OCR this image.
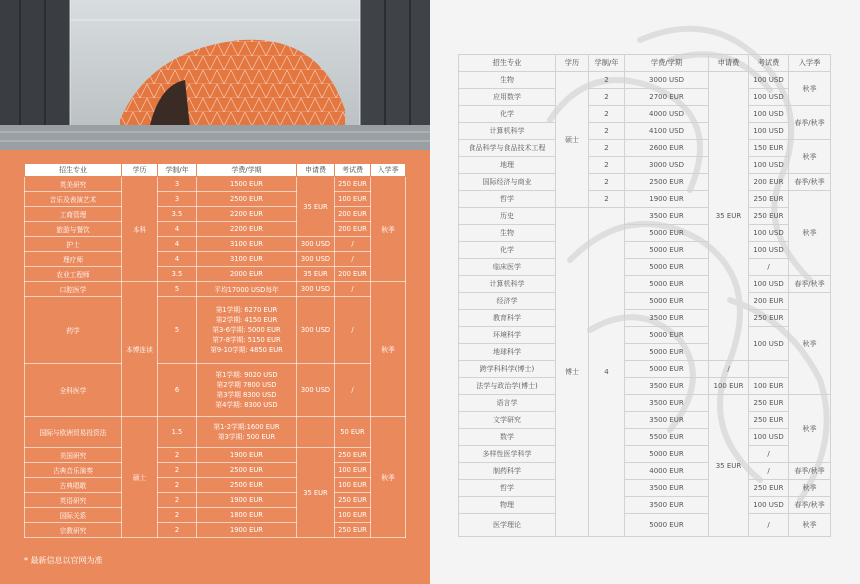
招生专业	学历	学制/年	学费/学期	申请费	考试费	入学季
英美研究	本科	3	1500 EUR	35 EUR	250 EUR	秋季
音乐及表演艺术		3	2500 EUR		100 EUR	
工商管理		3.5	2200 EUR		200 EUR	
旅游与餐饮		4	2200 EUR		200 EUR	
护士		4	3100 EUR	300 USD	/	
理疗师		4	3100 EUR	300 USD	/	
农业工程师		3.5	2000 EUR	35 EUR	200 EUR	
口腔医学	本博连读	5	平均17000 USD每年	300 USD	/	秋季
药学		5	第1学期: 6270 EUR
第2学期: 4150 EUR
第3-6学期: 5000 EUR
第7-8学期: 5150 EUR
第9-10学期: 4850 EUR	300 USD	/	
全科医学		6	第1学期: 9020 USD
第2学期 7800 USD
第3学期 8300 USD
第4学期: 8300 USD	300 USD	/	
国际与欧洲贸易投资法	硕士	1.5	第1-2学期:1600 EUR
第3学期: 500 EUR		50 EUR	秋季
美国研究		2	1900 EUR	35 EUR	250 EUR	
古典音乐演奏		2	2500 EUR		100 EUR	
古典唱歌		2	2500 EUR		100 EUR	
英语研究		2	1900 EUR		250 EUR	
国际关系		2	1800 EUR		100 EUR	
宗教研究		2	1900 EUR		250 EUR	
* 最新信息以官网为准
招生专业	学历	学制/年	学费/学期	申请费	考试费	入学季	
生物	硕士	2	3000 USD	35 EUR	100 USD	秋季	
应用数学		2	2700 EUR		100 USD		
化学		2	4000 USD		100 USD	春季/秋季	
计算机科学		2	4100 USD		100 USD		
食品科学与食品技术工程		2	2600 EUR		150 EUR	秋季	
地理		2	3000 USD		100 USD		
国际经济与商业		2	2500 EUR		200 EUR	春季/秋季	
哲学		2	1900 EUR		250 EUR	秋季	
历史	博士	4	3500 EUR		250 EUR		
生物			5000 EUR		100 USD		
化学			5000 EUR		100 USD		
临床医学			5000 EUR		/		
计算机科学			5000 EUR		100 USD	春季/秋季	
经济学			5000 EUR		200 EUR	秋季	
教育科学			3500 EUR		250 EUR		
环境科学			5000 EUR		100 USD		
地球科学			5000 EUR				
跨学科科学(博士)			5000 EUR	/			
法学与政治学(博士)			3500 EUR	100 EUR	100 EUR	
语言学			3500 EUR	35 EUR	250 EUR	秋季	
文学研究			3500 EUR		250 EUR		
数学			5500 EUR		100 USD		
多样性医学科学			5000 EUR		/		
制药科学			4000 EUR		/	春季/秋季	
哲学			3500 EUR		250 EUR	秋季	
物理			3500 EUR		100 USD	春季/秋季	
医学理论			5000 EUR		/	秋季	
